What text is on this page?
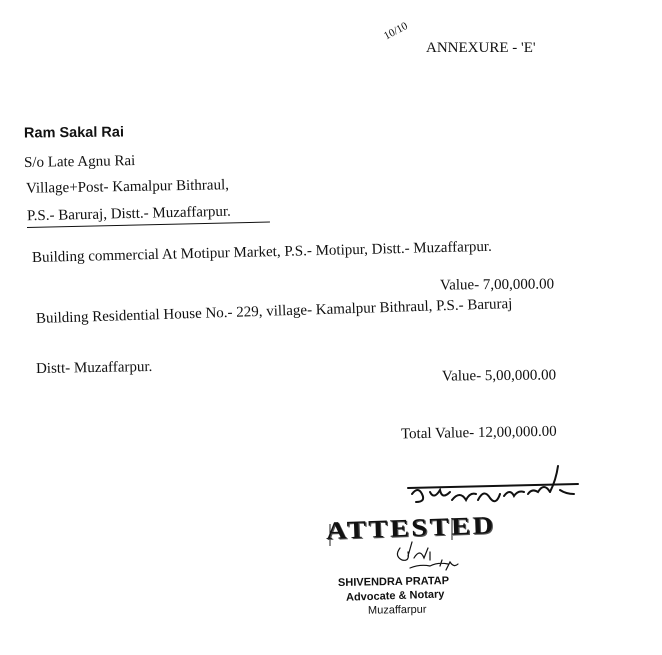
10/10
ANNEXURE - 'E'
Ram Sakal Rai
S/o Late Agnu Rai
Village+Post- Kamalpur Bithraul,
P.S.- Baruraj, Distt.- Muzaffarpur.
Building commercial At Motipur Market, P.S.- Motipur, Distt.- Muzaffarpur.
Value- 7,00,000.00
Building Residential House No.- 229, village- Kamalpur Bithraul, P.S.- Baruraj
Distt- Muzaffarpur.	Value- 5,00,000.00
Total Value- 12,00,000.00
ATTESTED
SHIVENDRA PRATAP
Advocate & Notary
Muzaffarpur
